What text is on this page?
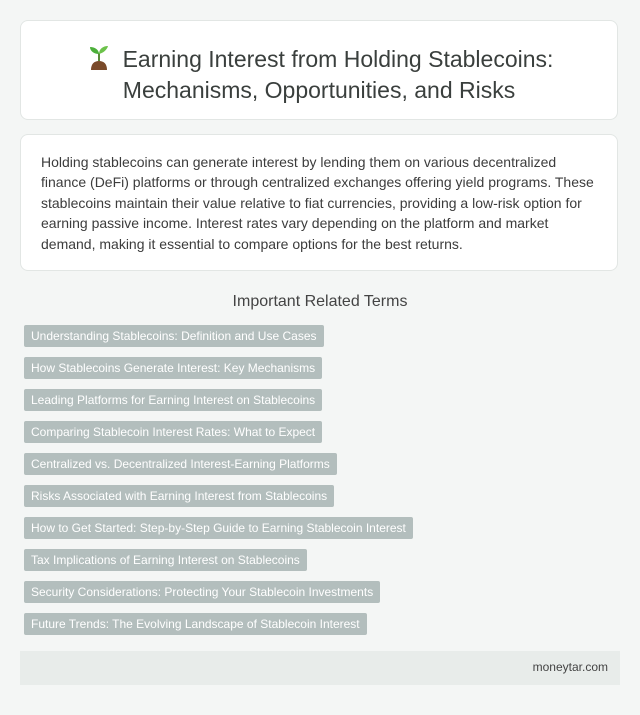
Earning Interest from Holding Stablecoins:
Mechanisms, Opportunities, and Risks
Holding stablecoins can generate interest by lending them on various decentralized finance (DeFi) platforms or through centralized exchanges offering yield programs. These stablecoins maintain their value relative to fiat currencies, providing a low-risk option for earning passive income. Interest rates vary depending on the platform and market demand, making it essential to compare options for the best returns.
Important Related Terms
Understanding Stablecoins: Definition and Use Cases
How Stablecoins Generate Interest: Key Mechanisms
Leading Platforms for Earning Interest on Stablecoins
Comparing Stablecoin Interest Rates: What to Expect
Centralized vs. Decentralized Interest-Earning Platforms
Risks Associated with Earning Interest from Stablecoins
How to Get Started: Step-by-Step Guide to Earning Stablecoin Interest
Tax Implications of Earning Interest on Stablecoins
Security Considerations: Protecting Your Stablecoin Investments
Future Trends: The Evolving Landscape of Stablecoin Interest
moneytar.com
